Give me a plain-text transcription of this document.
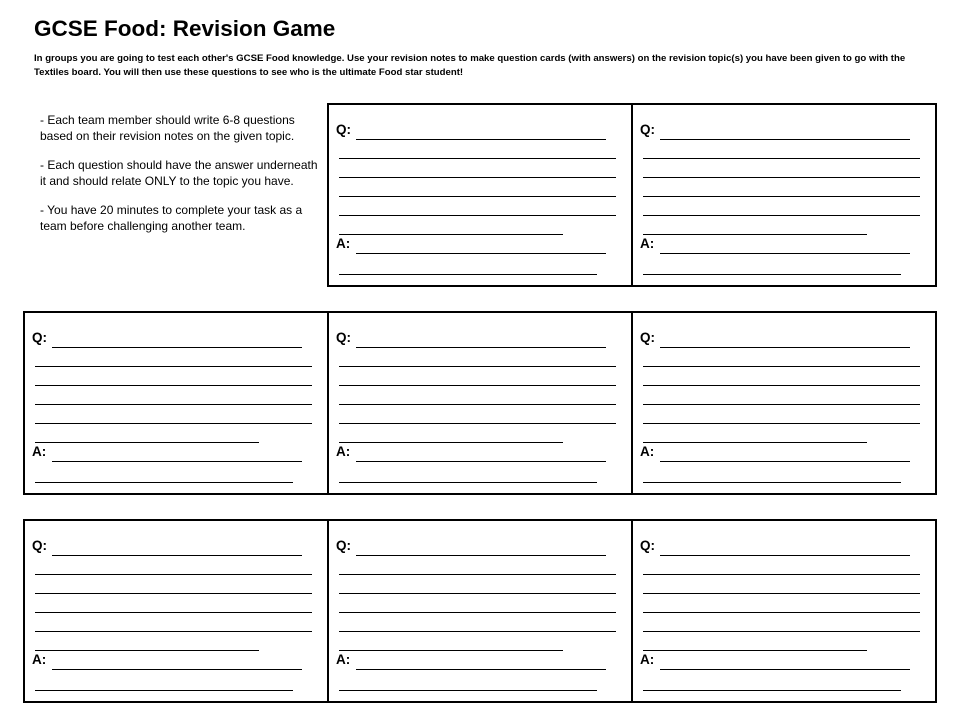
GCSE Food: Revision Game

In groups you are going to test each other's GCSE Food knowledge. Use your revision notes to make question cards (with answers) on the revision topic(s) you have been given to go with the Textiles board. You will then use these questions to see who is the ultimate Food star student!

- Each team member should write 6-8 questions based on their revision notes on the given topic.

- Each question should have the answer underneath it and should relate ONLY to the topic you have.

- You have 20 minutes to complete your task as a team before challenging another team.

Q:
A:
Q:
A:
Q:
A:
Q:
A:
Q:
A:
Q:
A:
Q:
A:
Q:
A:
